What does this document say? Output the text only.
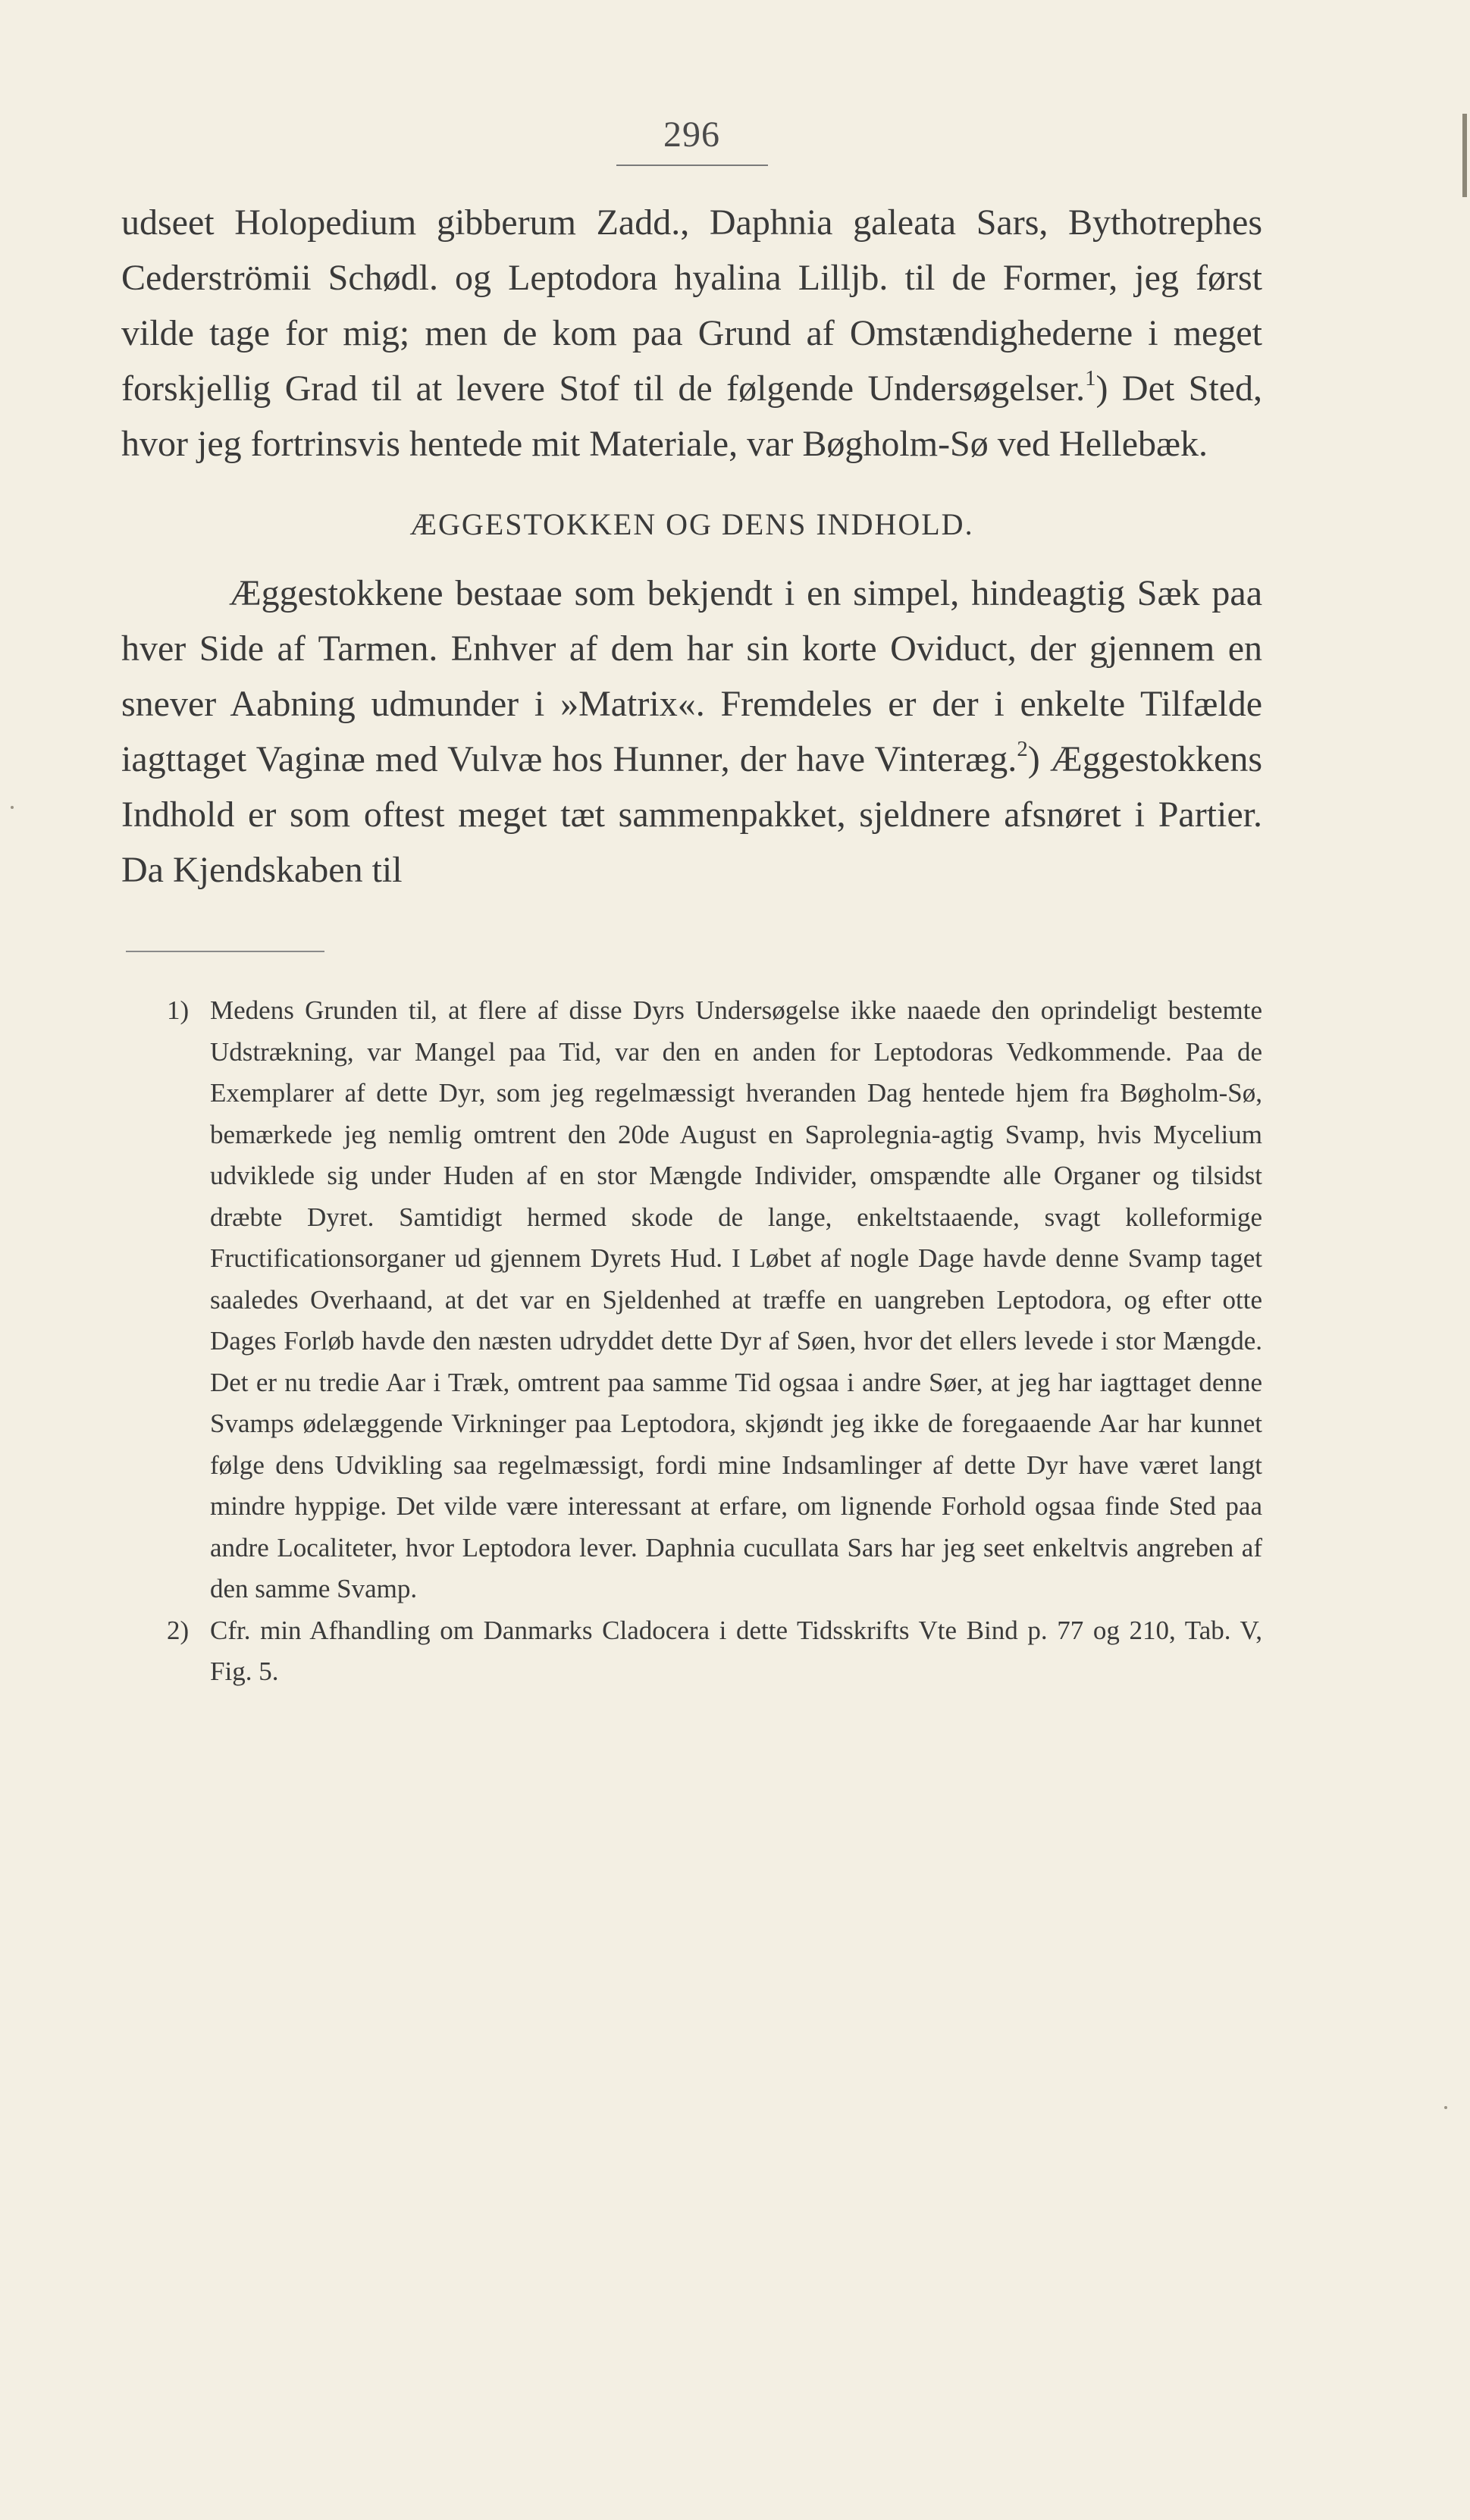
296

udseet Holopedium gibberum Zadd., Daphnia galeata Sars, Bythotrephes Cederströmii Schødl. og Leptodora hyalina Lilljb. til de Former, jeg først vilde tage for mig; men de kom paa Grund af Omstændighederne i meget forskjellig Grad til at levere Stof til de følgende Undersøgelser.$^1$) Det Sted, hvor jeg fortrinsvis hentede mit Materiale, var Bøgholm-Sø ved Hellebæk.

ÆGGESTOKKEN OG DENS INDHOLD.

Æggestokkene bestaae som bekjendt i en simpel, hindeagtig Sæk paa hver Side af Tarmen. Enhver af dem har sin korte Oviduct, der gjennem en snever Aabning udmunder i »Matrix«. Fremdeles er der i enkelte Tilfælde iagttaget Vaginæ med Vulvæ hos Hunner, der have Vinteræg.$^2$) Æggestokkens Indhold er som oftest meget tæt sammenpakket, sjeldnere afsnøret i Partier. Da Kjendskaben til

1) Medens Grunden til, at flere af disse Dyrs Undersøgelse ikke naaede den oprindeligt bestemte Udstrækning, var Mangel paa Tid, var den en anden for Leptodoras Vedkommende. Paa de Exemplarer af dette Dyr, som jeg regelmæssigt hveranden Dag hentede hjem fra Bøgholm-Sø, bemærkede jeg nemlig omtrent den 20de August en Saprolegnia-agtig Svamp, hvis Mycelium udviklede sig under Huden af en stor Mængde Individer, omspændte alle Organer og tilsidst dræbte Dyret. Samtidigt hermed skode de lange, enkeltstaaende, svagt kolleformige Fructificationsorganer ud gjennem Dyrets Hud. I Løbet af nogle Dage havde denne Svamp taget saaledes Overhaand, at det var en Sjeldenhed at træffe en uangreben Leptodora, og efter otte Dages Forløb havde den næsten udryddet dette Dyr af Søen, hvor det ellers levede i stor Mængde. Det er nu tredie Aar i Træk, omtrent paa samme Tid ogsaa i andre Søer, at jeg har iagttaget denne Svamps ødelæggende Virkninger paa Leptodora, skjøndt jeg ikke de foregaaende Aar har kunnet følge dens Udvikling saa regelmæssigt, fordi mine Indsamlinger af dette Dyr have været langt mindre hyppige. Det vilde være interessant at erfare, om lignende Forhold ogsaa finde Sted paa andre Localiteter, hvor Leptodora lever. Daphnia cucullata Sars har jeg seet enkeltvis angreben af den samme Svamp.

2) Cfr. min Afhandling om Danmarks Cladocera i dette Tidsskrifts Vte Bind p. 77 og 210, Tab. V, Fig. 5.
